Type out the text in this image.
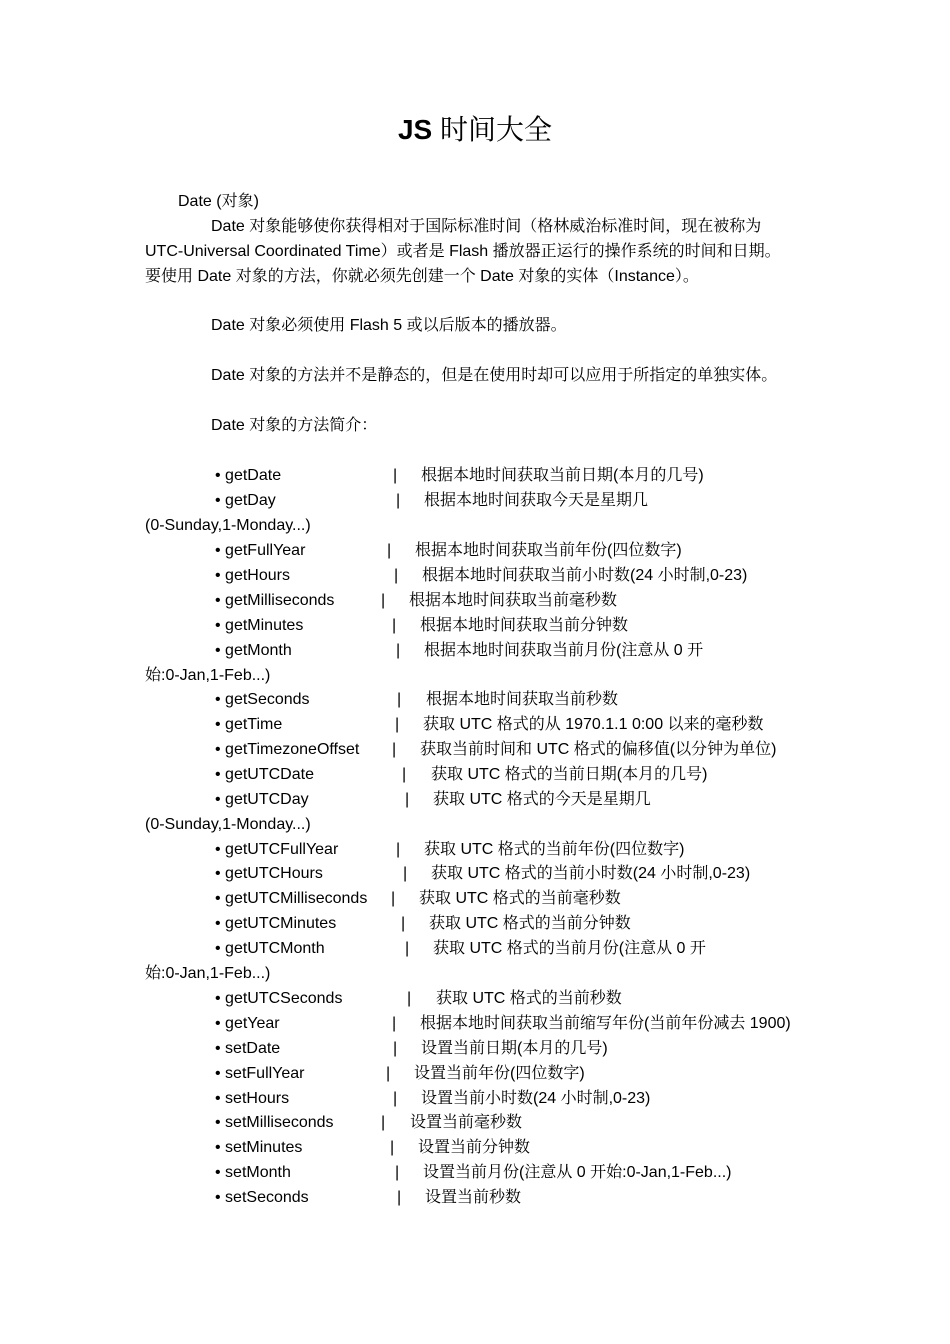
JS 时间大全
Date (对象)
Date 对象能够使你获得相对于国际标准时间（格林威治标准时间，现在被称为
UTC-Universal Coordinated Time）或者是 Flash 播放器正运行的操作系统的时间和日期。
要使用 Date 对象的方法，你就必须先创建一个 Date 对象的实体（Instance）。
Date 对象必须使用 Flash 5 或以后版本的播放器。
Date 对象的方法并不是静态的，但是在使用时却可以应用于所指定的单独实体。
Date 对象的方法简介：
• getDate	| 根据本地时间获取当前日期(本月的几号)
• getDay	| 根据本地时间获取今天是星期几
(0-Sunday,1-Monday...)
• getFullYear	| 根据本地时间获取当前年份(四位数字)
• getHours	| 根据本地时间获取当前小时数(24 小时制,0-23)
• getMilliseconds	| 根据本地时间获取当前毫秒数
• getMinutes	| 根据本地时间获取当前分钟数
• getMonth	| 根据本地时间获取当前月份(注意从 0 开
始:0-Jan,1-Feb...)
• getSeconds	| 根据本地时间获取当前秒数
• getTime	| 获取 UTC 格式的从 1970.1.1 0:00 以来的毫秒数
• getTimezoneOffset | 获取当前时间和 UTC 格式的偏移值(以分钟为单位)
• getUTCDate	| 获取 UTC 格式的当前日期(本月的几号)
• getUTCDay	| 获取 UTC 格式的今天是星期几
(0-Sunday,1-Monday...)
• getUTCFullYear	| 获取 UTC 格式的当前年份(四位数字)
• getUTCHours	| 获取 UTC 格式的当前小时数(24 小时制,0-23)
• getUTCMilliseconds | 获取 UTC 格式的当前毫秒数
• getUTCMinutes	| 获取 UTC 格式的当前分钟数
• getUTCMonth	| 获取 UTC 格式的当前月份(注意从 0 开
始:0-Jan,1-Feb...)
• getUTCSeconds	| 获取 UTC 格式的当前秒数
• getYear	| 根据本地时间获取当前缩写年份(当前年份减去 1900)
• setDate	| 设置当前日期(本月的几号)
• setFullYear	| 设置当前年份(四位数字)
• setHours	| 设置当前小时数(24 小时制,0-23)
• setMilliseconds	| 设置当前毫秒数
• setMinutes	| 设置当前分钟数
• setMonth	| 设置当前月份(注意从 0 开始:0-Jan,1-Feb...)
• setSeconds	| 设置当前秒数
